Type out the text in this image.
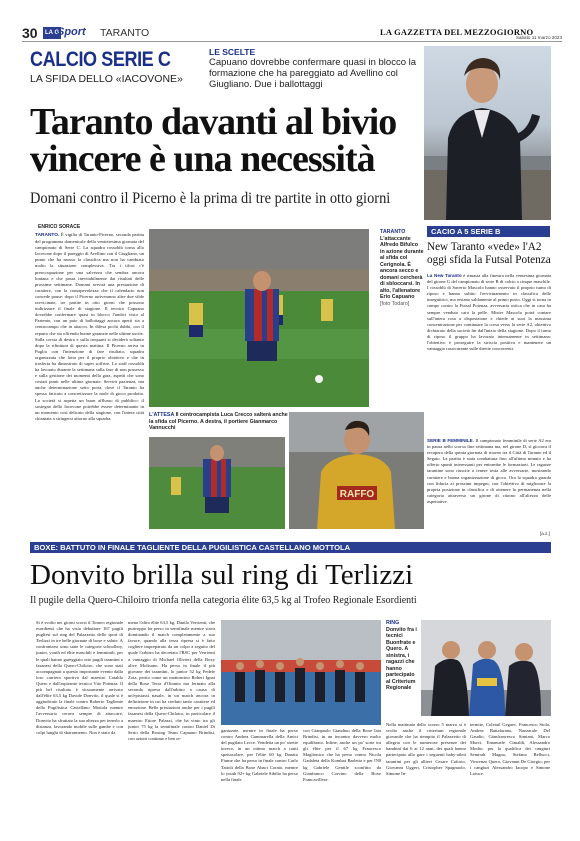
30	LA G
Sport TARANTO	LA GAZZETTA DEL MEZZOGIORNO
Sabato 11 marzo 2023
CALCIO SERIE C
LA SFIDA DELLO «IACOVONE»
LE SCELTE
Capuano dovrebbe confermare quasi in blocco la formazione che ha pareggiato ad Avellino col Giugliano. Due i ballottaggi
Taranto davanti al bivio vincere è una necessità
Domani contro il Picerno è la prima di tre partite in otto giorni
ENRICO SORACE
TARANTO. È vigilia di Taranto-Picerno, seconda partita del programma domenicale della ventottesima giornata del campionato di Serie C. La squadra rossoblù torna allo Iacovone dopo il pareggio di Avellino con il Giugliano, un punto che ha mosso la classifica ma non ha cambiato molto la situazione complessiva. Tra i tifosi c'è preoccupazione per una salvezza che sembra ancora lontana e che passa inevitabilmente dai risultati delle prossime settimane. Domani servirà una prestazione di carattere, con la consapevolezza che il calendario non concede pause: dopo il Picerno arriveranno altre due sfide ravvicinate, tre partite in otto giorni che possono indirizzare il finale di stagione. Il tecnico Capuano dovrebbe confermare quasi in blocco l'undici visto al Partenio, con un paio di ballottaggi ancora aperti sia a centrocampo che in attacco. In difesa pochi dubbi, con il reparto che sta offrendo buone garanzie nelle ultime uscite. Sulla corsia di destra e sulla trequarti si deciderà soltanto dopo la rifinitura di questa mattina. Il Picerno arriva in Puglia con l'intenzione di fare risultato, squadra organizzata che lotta per il proprio obiettivo e che in trasferta ha dimostrato di saper soffrire. Lo staff rossoblù ha lavorato durante la settimana sulla fase di non possesso e sulla gestione dei momenti della gara, aspetti che sono costati punti nelle ultime giornate. Servirà pazienza, ma anche determinazione sotto porta, dove il Taranto ha spesso faticato a concretizzare la mole di gioco prodotta. La società si aspetta un buon afflusso di pubblico: il sostegno dello Iacovone potrebbe essere determinante in un momento così delicato della stagione, con l'intera città chiamata a stringersi attorno alla squadra.
TARANTO
L'attaccante Alfredo Bifulco in azione durante al sfida col Cerignola. È ancora secco e domani cercherà di sbloccarsi. In alto, l'allenatore Erio Capuano
[foto Todaro]
L'ATTESA Il centrocampista Luca Crecco salterà anche la sfida col Picerno. A destra, il portiere Gianmarco Vannucchi
RAFFO
CACIO A 5 SERIE B
New Taranto «vede» l'A2 oggi sfida la Futsal Potenza
La New Taranto è rimasta alla finestra nella ventesima giornata del girone G del campionato di serie B di calcio a cinque maschile. I rossoblù di Saverio Mascolo hanno osservato il proprio turno di riposo e hanno subìto l'avvicinamento in classifica delle inseguitrici, ma restano saldamente al primo posto. Oggi si torna in campo contro la Futsal Potenza, avversaria ostica che in casa ha sempre venduto cara la pelle. Mister Mascolo potrà contare sull'intera rosa a disposizione e chiede ai suoi la massima concentrazione per continuare la corsa verso la serie A2, obiettivo dichiarato della società fin dall'inizio della stagione. Dopo il turno di riposo il gruppo ha lavorato intensamente in settimana: l'obiettivo è proseguire la striscia positiva e mantenere un vantaggio rassicurante sulle dirette concorrenti.
SERIE B FEMMINILE. Il campionato femminile di serie A2 era in pausa nello scorso fine settimana ma, nel girone D, si giocava il recupero della quinta giornata di ritorno tra il Città di Taranto ed il Segato. La partita è stata combattuta fino all'ultimo minuto e ha offerto spunti interessanti per entrambe le formazioni. Le ragazze tarantine sono riuscite a tenere testa alle avversarie, mostrando carattere e buona organizzazione di gioco. Ora la squadra guarda con fiducia ai prossimi impegni, con l'obiettivo di migliorare la propria posizione in classifica e di ottenere la permanenza nella categoria attraverso un girone di ritorno all'altezza delle aspettative.
[a.z.]
BOXE: BATTUTO IN FINALE TAGLIENTE DELLA PUGILISTICA CASTELLANO MOTTOLA
Donvito brilla sul ring di Terlizzi
Il pugile della Quero-Chiloiro trionfa nella categoria élite 63,5 kg al Trofeo Regionale Esordienti
Si è svolto nei giorni scorsi il Torneo regionale esordienti che ha visto debuttare 167 pugili pugliesi sul ring del Palazzetto dello sport di Terlizzi in tre belle giornate di boxe e salute. A confrontarsi sono state le categorie schoolboy, junior, youth ed élite maschili e femminili, per le quali hanno gareggiato otto pugili tarantini e fasanesi della Quero-Chiloiro, che sono stati accompagnati a questo importante evento dalla loro carriera sportiva dal maestro Cataldo Quero e dall'aspirante tecnico Vito Potenza. Il più bel risultato è sicuramente arrivato dall'élite 63,5 kg Davide Donvito, il quale si è aggiudicato la finale contro Roberto Tagliente della Pugilistica Castellano Mottola mentre l'avversario cerava sempre di attaccare, Donvito ha sfruttato la sua altezza per tenerlo a distanza, lavorando mobile sulle gambe e con colpi lunghi di sbarramento. Non è stato da
meno l'altro élite 63,5 kg, Danilo Verrienti, che purtroppo ha perso in semifinale mentre stava dominando il match completamente a suo favore, quando alla terza ripresa si è fatto cogliere impreparato da un colpo a seguito del quale l'arbitro ha decretato l'RSC per Verrienti a vantaggio di Michael Olivieri della Boxy alive Molisano. Ha perso in finale il più giovane dei tarantini, lo junior 52 kg Fedele Zoia, perito come un mattoncino Robert Ignat della Boxe Terra d'Otranto ma fermato alla seconda ripresa dall'arbitro a causa di un'epistassi nasale, in un match ancora in definizione in cui ha creduto tanto carattere ed emozione. Belle prestazioni anche per i pugili fasanesi della Quero-Chiloiro, in particolare il maestro Ettore Palazzi, che ha vinto tra gli junior 75 kg la semifinale contro Daniel Di Serio della Boxing Team Capuano Brindisi, con azioni continue e ben or-
ganizzate, mentre in finale ha perso contro Andrea Gammarella della Amici del pugilato Lecce. Vendetta un po' strette invece, in un ottimo match a tratti spettacolare, per l'élite 60 kg Donato Fiume che ha perso in finale contro Carlo Tattoli della Boxe Abaci Corato, mentre lo youth 92+ kg Gabriele Sibilio ha perso nella finale
con Gianpaolo Giaudino della Boxe Iaia Brindisi, in un incontro davvero molto equilibrato. Infine, anche un po' sorte tra gli élite per il 67 kg Francesco Maglionico che ha perso contro Nicola Gadaleta della Kombat Barletta e per l'80 kg Gabriele Gentile sconfitto da Gianfranco Corvino della Boxe Francavillese.
RING
Donvito fra i tecnici Buonfrate e Quero. A sinistra, i ragazzi che hanno partecipato al Criterium Regionale
Nella mattinata dello scorso 5 marzo si è svolto anche il criterium regionale giovanile che ha riempito il Palazzetto di allegria con le numerose presenze dei bambini dai 6 ai 12 anni, dei quali hanno partecipato allo gare i seguenti baby-atleti tarantini per gli allievi Cesare Caforio, Giovanni Uggeri, Cristopher Spagnuolo, Simone In-
termite, Coletail Gegaec, Francesco Stola, Andrea Battafarano, Nazzarale Del Gaudio, Gianfrancesco Simiani, Marco Murci, Emanuele Cimaldi, Alessandro Modio; per la qualifica dei cangiuri Semirah Magno, Stefano Bellucci, Vincenzo Quero, Giovanni De Giorgio; per i cangiuri Alessandro Iacopo e Simone Loiuce.
